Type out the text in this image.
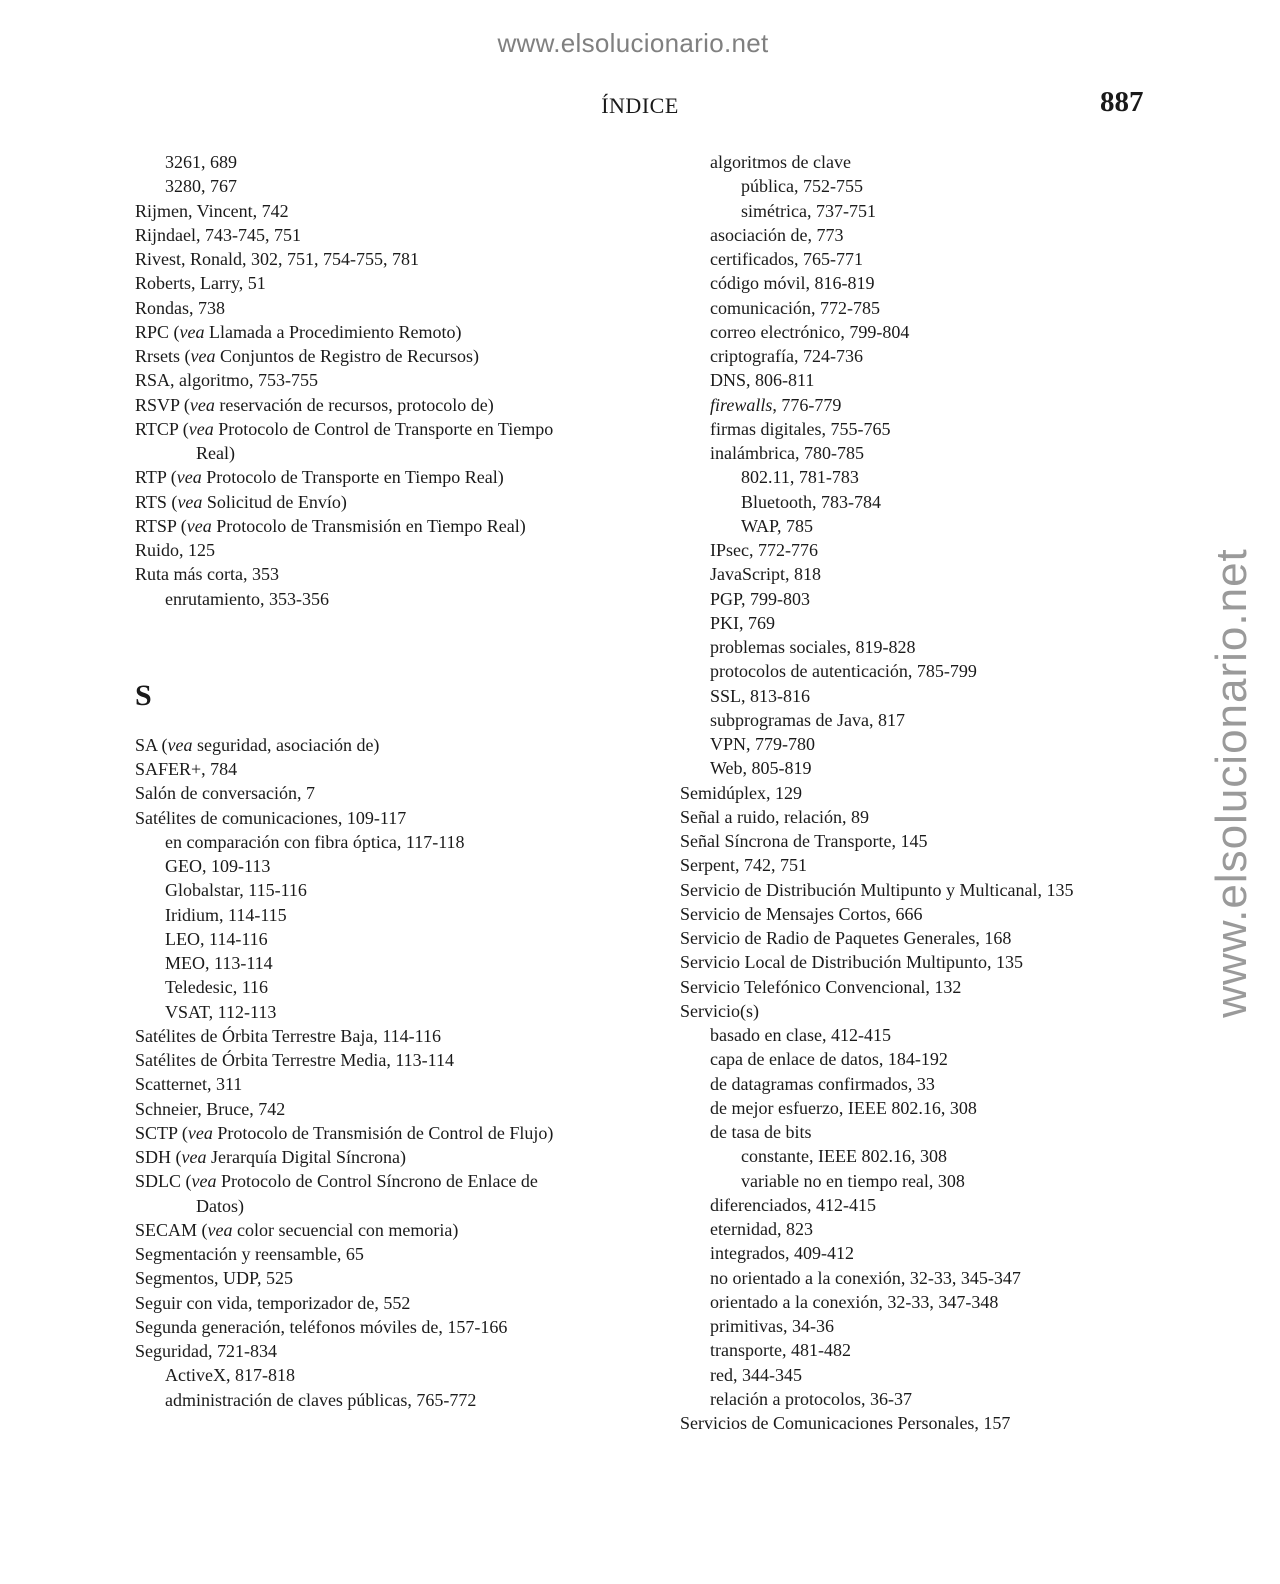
www.elsolucionario.net
www.elsolucionario.net
ÍNDICE	887
3261, 689
3280, 767
Rijmen, Vincent, 742
Rijndael, 743-745, 751
Rivest, Ronald, 302, 751, 754-755, 781
Roberts, Larry, 51
Rondas, 738
RPC (vea Llamada a Procedimiento Remoto)
Rrsets (vea Conjuntos de Registro de Recursos)
RSA, algoritmo, 753-755
RSVP (vea reservación de recursos, protocolo de)
RTCP (vea Protocolo de Control de Transporte en Tiempo
Real)
RTP (vea Protocolo de Transporte en Tiempo Real)
RTS (vea Solicitud de Envío)
RTSP (vea Protocolo de Transmisión en Tiempo Real)
Ruido, 125
Ruta más corta, 353
enrutamiento, 353-356
S
SA (vea seguridad, asociación de)
SAFER+, 784
Salón de conversación, 7
Satélites de comunicaciones, 109-117
en comparación con fibra óptica, 117-118
GEO, 109-113
Globalstar, 115-116
Iridium, 114-115
LEO, 114-116
MEO, 113-114
Teledesic, 116
VSAT, 112-113
Satélites de Órbita Terrestre Baja, 114-116
Satélites de Órbita Terrestre Media, 113-114
Scatternet, 311
Schneier, Bruce, 742
SCTP (vea Protocolo de Transmisión de Control de Flujo)
SDH (vea Jerarquía Digital Síncrona)
SDLC (vea Protocolo de Control Síncrono de Enlace de
Datos)
SECAM (vea color secuencial con memoria)
Segmentación y reensamble, 65
Segmentos, UDP, 525
Seguir con vida, temporizador de, 552
Segunda generación, teléfonos móviles de, 157-166
Seguridad, 721-834
ActiveX, 817-818
administración de claves públicas, 765-772
algoritmos de clave
pública, 752-755
simétrica, 737-751
asociación de, 773
certificados, 765-771
código móvil, 816-819
comunicación, 772-785
correo electrónico, 799-804
criptografía, 724-736
DNS, 806-811
firewalls, 776-779
firmas digitales, 755-765
inalámbrica, 780-785
802.11, 781-783
Bluetooth, 783-784
WAP, 785
IPsec, 772-776
JavaScript, 818
PGP, 799-803
PKI, 769
problemas sociales, 819-828
protocolos de autenticación, 785-799
SSL, 813-816
subprogramas de Java, 817
VPN, 779-780
Web, 805-819
Semidúplex, 129
Señal a ruido, relación, 89
Señal Síncrona de Transporte, 145
Serpent, 742, 751
Servicio de Distribución Multipunto y Multicanal, 135
Servicio de Mensajes Cortos, 666
Servicio de Radio de Paquetes Generales, 168
Servicio Local de Distribución Multipunto, 135
Servicio Telefónico Convencional, 132
Servicio(s)
basado en clase, 412-415
capa de enlace de datos, 184-192
de datagramas confirmados, 33
de mejor esfuerzo, IEEE 802.16, 308
de tasa de bits
constante, IEEE 802.16, 308
variable no en tiempo real, 308
diferenciados, 412-415
eternidad, 823
integrados, 409-412
no orientado a la conexión, 32-33, 345-347
orientado a la conexión, 32-33, 347-348
primitivas, 34-36
transporte, 481-482
red, 344-345
relación a protocolos, 36-37
Servicios de Comunicaciones Personales, 157
